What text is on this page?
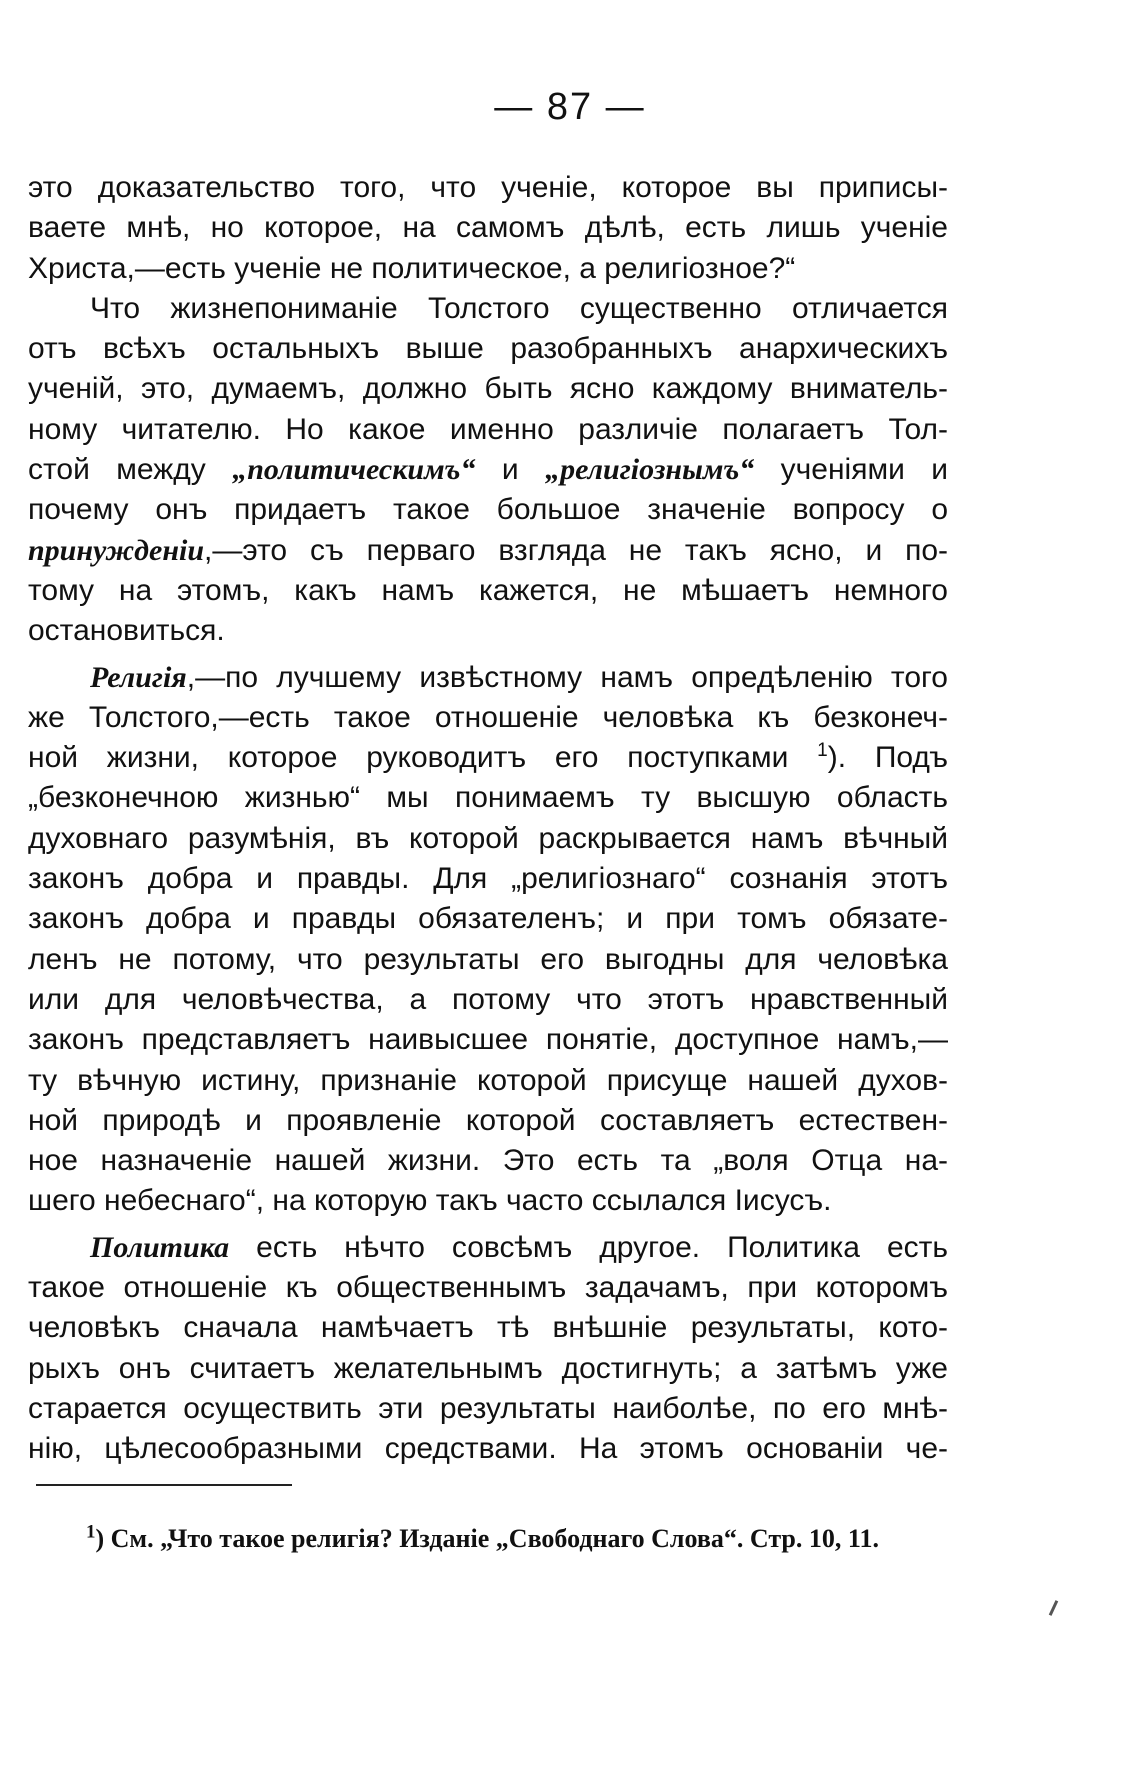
— 87 —
это доказательство того, что ученіе, которое вы приписы-
ваете мнѣ, но которое, на самомъ дѣлѣ, есть лишь ученіе
Христа,—есть ученіе не политическое, а религіозное?“
Что жизнепониманіе Толстого существенно отличается
отъ всѣхъ остальныхъ выше разобранныхъ анархическихъ
ученій, это, думаемъ, должно быть ясно каждому вниматель-
ному читателю. Но какое именно различіе полагаетъ Тол-
стой между „политическимъ“ и „религіознымъ“ ученіями и
почему онъ придаетъ такое большое значеніе вопросу о
принужденіи,—это съ перваго взгляда не такъ ясно, и по-
тому на этомъ, какъ намъ кажется, не мѣшаетъ немного
остановиться.
Религія,—по лучшему извѣстному намъ опредѣленію того
же Толстого,—есть такое отношеніе человѣка къ безконеч-
ной жизни, которое руководитъ его поступками $^1$). Подъ
„безконечною жизнью“ мы понимаемъ ту высшую область
духовнаго разумѣнія, въ которой раскрывается намъ вѣчный
законъ добра и правды. Для „религіознаго“ сознанія этотъ
законъ добра и правды обязателенъ; и при томъ обязате-
ленъ не потому, что результаты его выгодны для человѣка
или для человѣчества, а потому что этотъ нравственный
законъ представляетъ наивысшее понятіе, доступное намъ,—
ту вѣчную истину, признаніе которой присуще нашей духов-
ной природѣ и проявленіе которой составляетъ естествен-
ное назначеніе нашей жизни. Это есть та „воля Отца на-
шего небеснаго“, на которую такъ часто ссылался Іисусъ.
Политика есть нѣчто совсѣмъ другое. Политика есть
такое отношеніе къ общественнымъ задачамъ, при которомъ
человѣкъ сначала намѣчаетъ тѣ внѣшніе результаты, кото-
рыхъ онъ считаетъ желательнымъ достигнуть; а затѣмъ уже
старается осуществить эти результаты наиболѣе, по его мнѣ-
нію, цѣлесообразными средствами. На этомъ основаніи че-
$^1$) См. „Что такое религія? Изданіе „Свободнаго Слова“. Стр. 10, 11.
